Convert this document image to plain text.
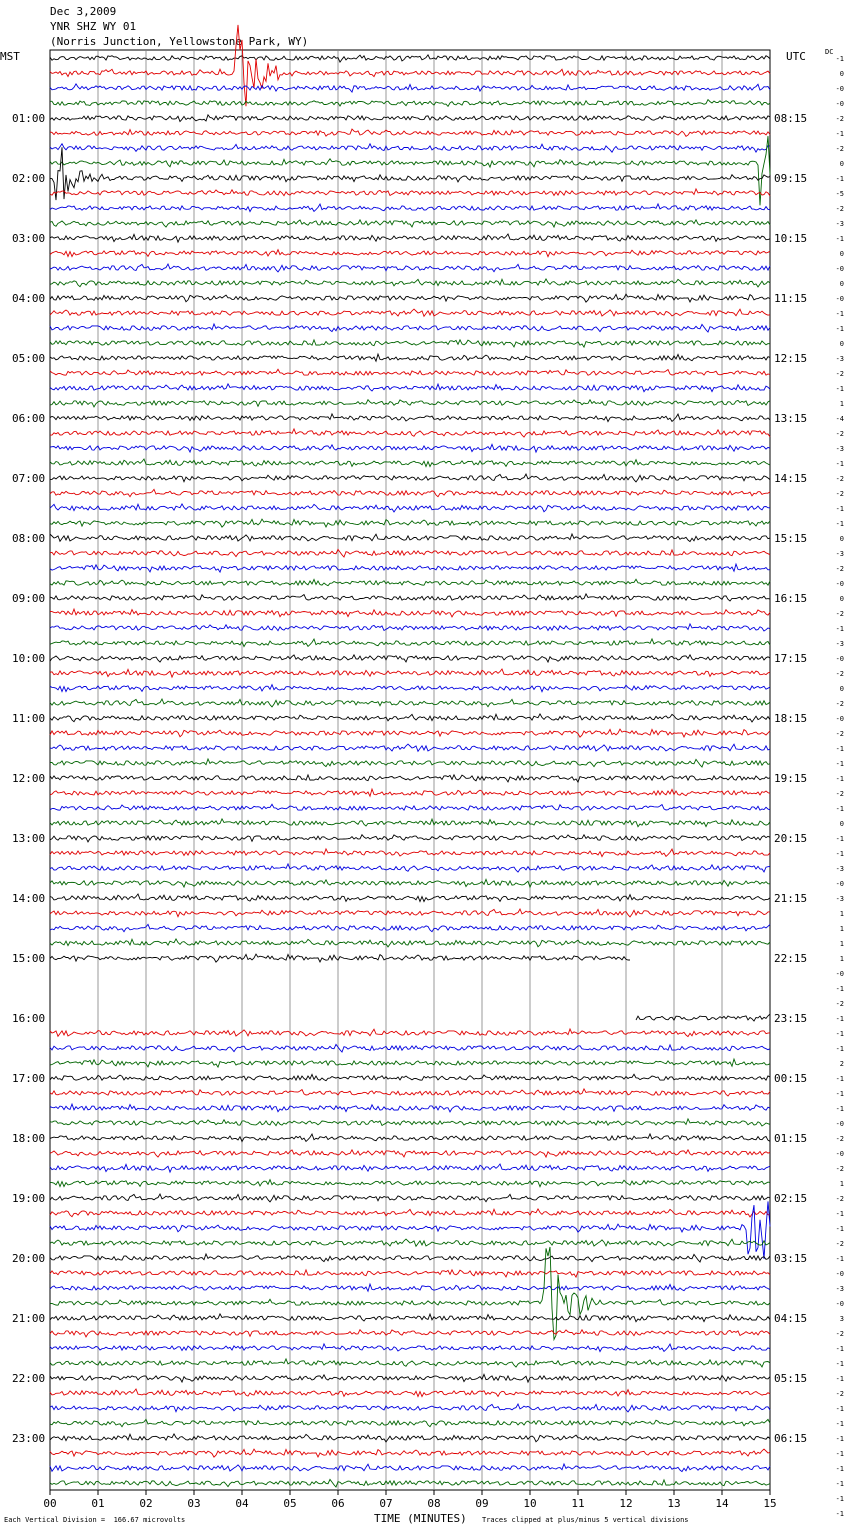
Dec 3,2009
YNR SHZ WY 01
(Norris Junction, Yellowstone Park, WY)
MST	UTC	DC
01:00
02:00
03:00
04:00
05:00
06:00
07:00
08:00
09:00
10:00
11:00
12:00
13:00
14:00
15:00
16:00
17:00
18:00
19:00
20:00
21:00
22:00
23:00
08:15
09:15
10:15
11:15
12:15
13:15
14:15
15:15
16:15
17:15
18:15
19:15
20:15
21:15
22:15
23:15
00:15
01:15
02:15
03:15
04:15
05:15
06:15
-1
0
-0
-0
-2
-1
-2
0
-1
-5
-2
-3
-1
0
-0
0
-0
-1
-1
0
-3
-2
-1
1
-4
-2
-3
-1
-2
-2
-1
-1
0
-3
-2
-0
0
-2
-1
-3
-0
-2
0
-2
-0
-2
-1
-1
-1
-2
-1
0
-1
-1
-3
-0
-3
1
1
1
1
-0
-1
-2
-1
-1
-1
2
-1
-1
-1
-0
-2
-0
-2
1
-2
-1
-1
-2
-1
-0
-3
-0
3
-2
-1
-1
-1
-2
-1
-1
-1
-1
-1
-1
-1
-1
00	01	02	03	04	05	06	07	08	09	10	11	12	13	14	15
TIME (MINUTES)
Each Vertical Division =  166.67 microvolts	Traces clipped at plus/minus 5 vertical divisions
